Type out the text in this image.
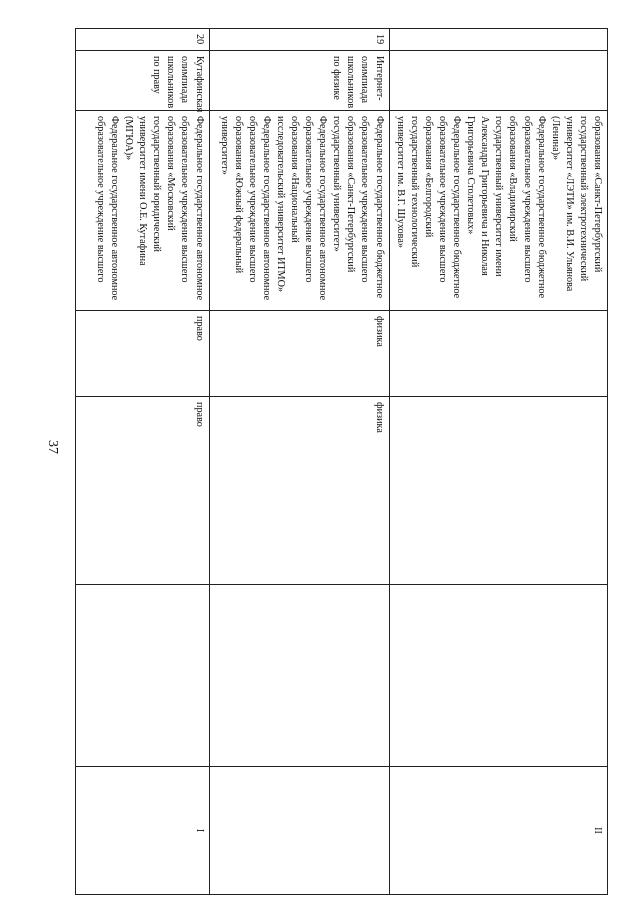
37

		образования «Санкт-Петербургский государственный электротехнический университет «ЛЭТИ» им. В.И. Ульянова (Ленина)»
Федеральное государственное бюджетное образовательное учреждение высшего образования «Владимирский государственный университет имени Александра Григорьевича и Николая Григорьевича Столетовых»
Федеральное государственное бюджетное образовательное учреждение высшего образования «Белгородский государственный технологический университет им. В.Г. Шухова»				II
19	Интернет-олимпиада школьников по физике	Федеральное государственное бюджетное образовательное учреждение высшего образования «Санкт-Петербургский государственный университет»
Федеральное государственное автономное образовательное учреждение высшего образования «Национальный исследовательский университет ИТМО»
Федеральное государственное автономное образовательное учреждение высшего образования «Южный федеральный университет»	физика	физика		
20	Кутафинская олимпиада школьников по праву	Федеральное государственное автономное образовательное учреждение высшего образования «Московский государственный юридический университет имени О.Е. Кутафина (МГЮА)»
Федеральное государственное автономное образовательное учреждение высшего	право	право		I
